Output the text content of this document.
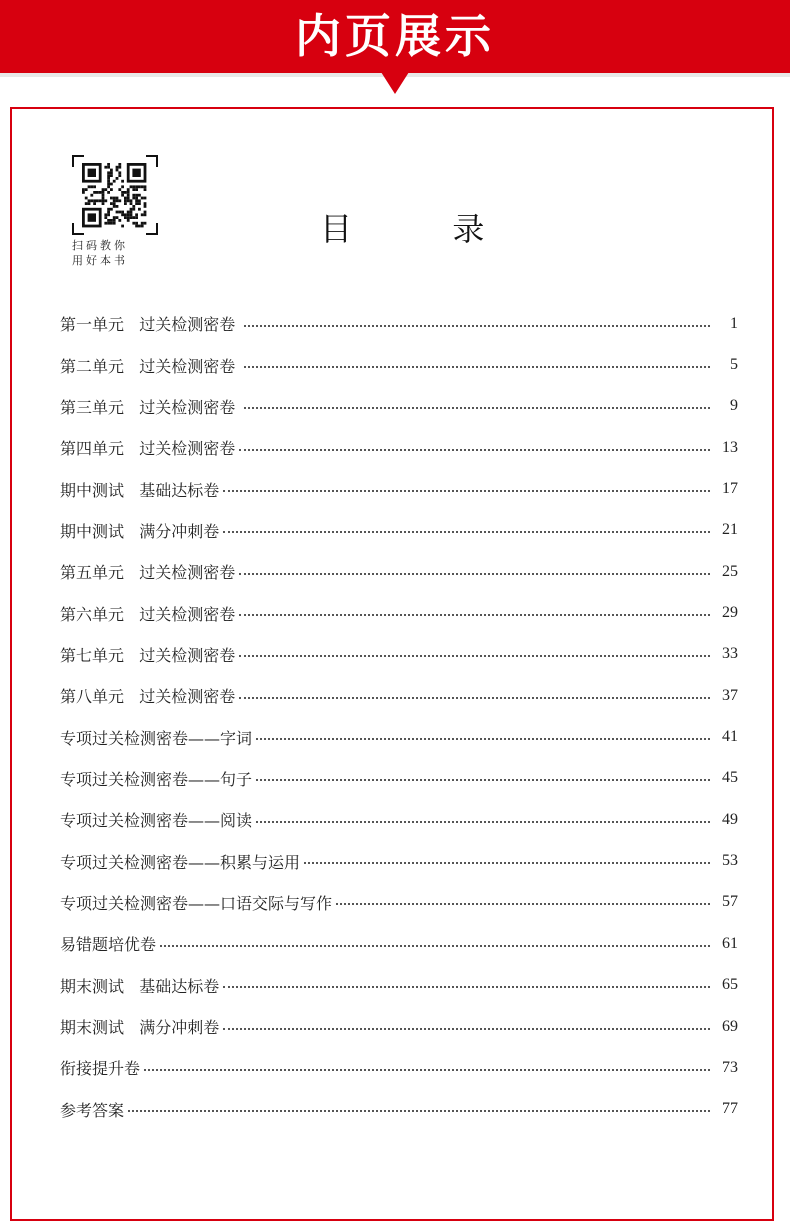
内页展示
扫码教你
用好本书
目  录
第一单元   过关检测密卷	1
第二单元   过关检测密卷	5
第三单元   过关检测密卷	9
第四单元   过关检测密卷	13
期中测试   基础达标卷	17
期中测试   满分冲刺卷	21
第五单元   过关检测密卷	25
第六单元   过关检测密卷	29
第七单元   过关检测密卷	33
第八单元   过关检测密卷	37
专项过关检测密卷——字词	41
专项过关检测密卷——句子	45
专项过关检测密卷——阅读	49
专项过关检测密卷——积累与运用	53
专项过关检测密卷——口语交际与写作	57
易错题培优卷	61
期末测试   基础达标卷	65
期末测试   满分冲刺卷	69
衔接提升卷	73
参考答案	77
